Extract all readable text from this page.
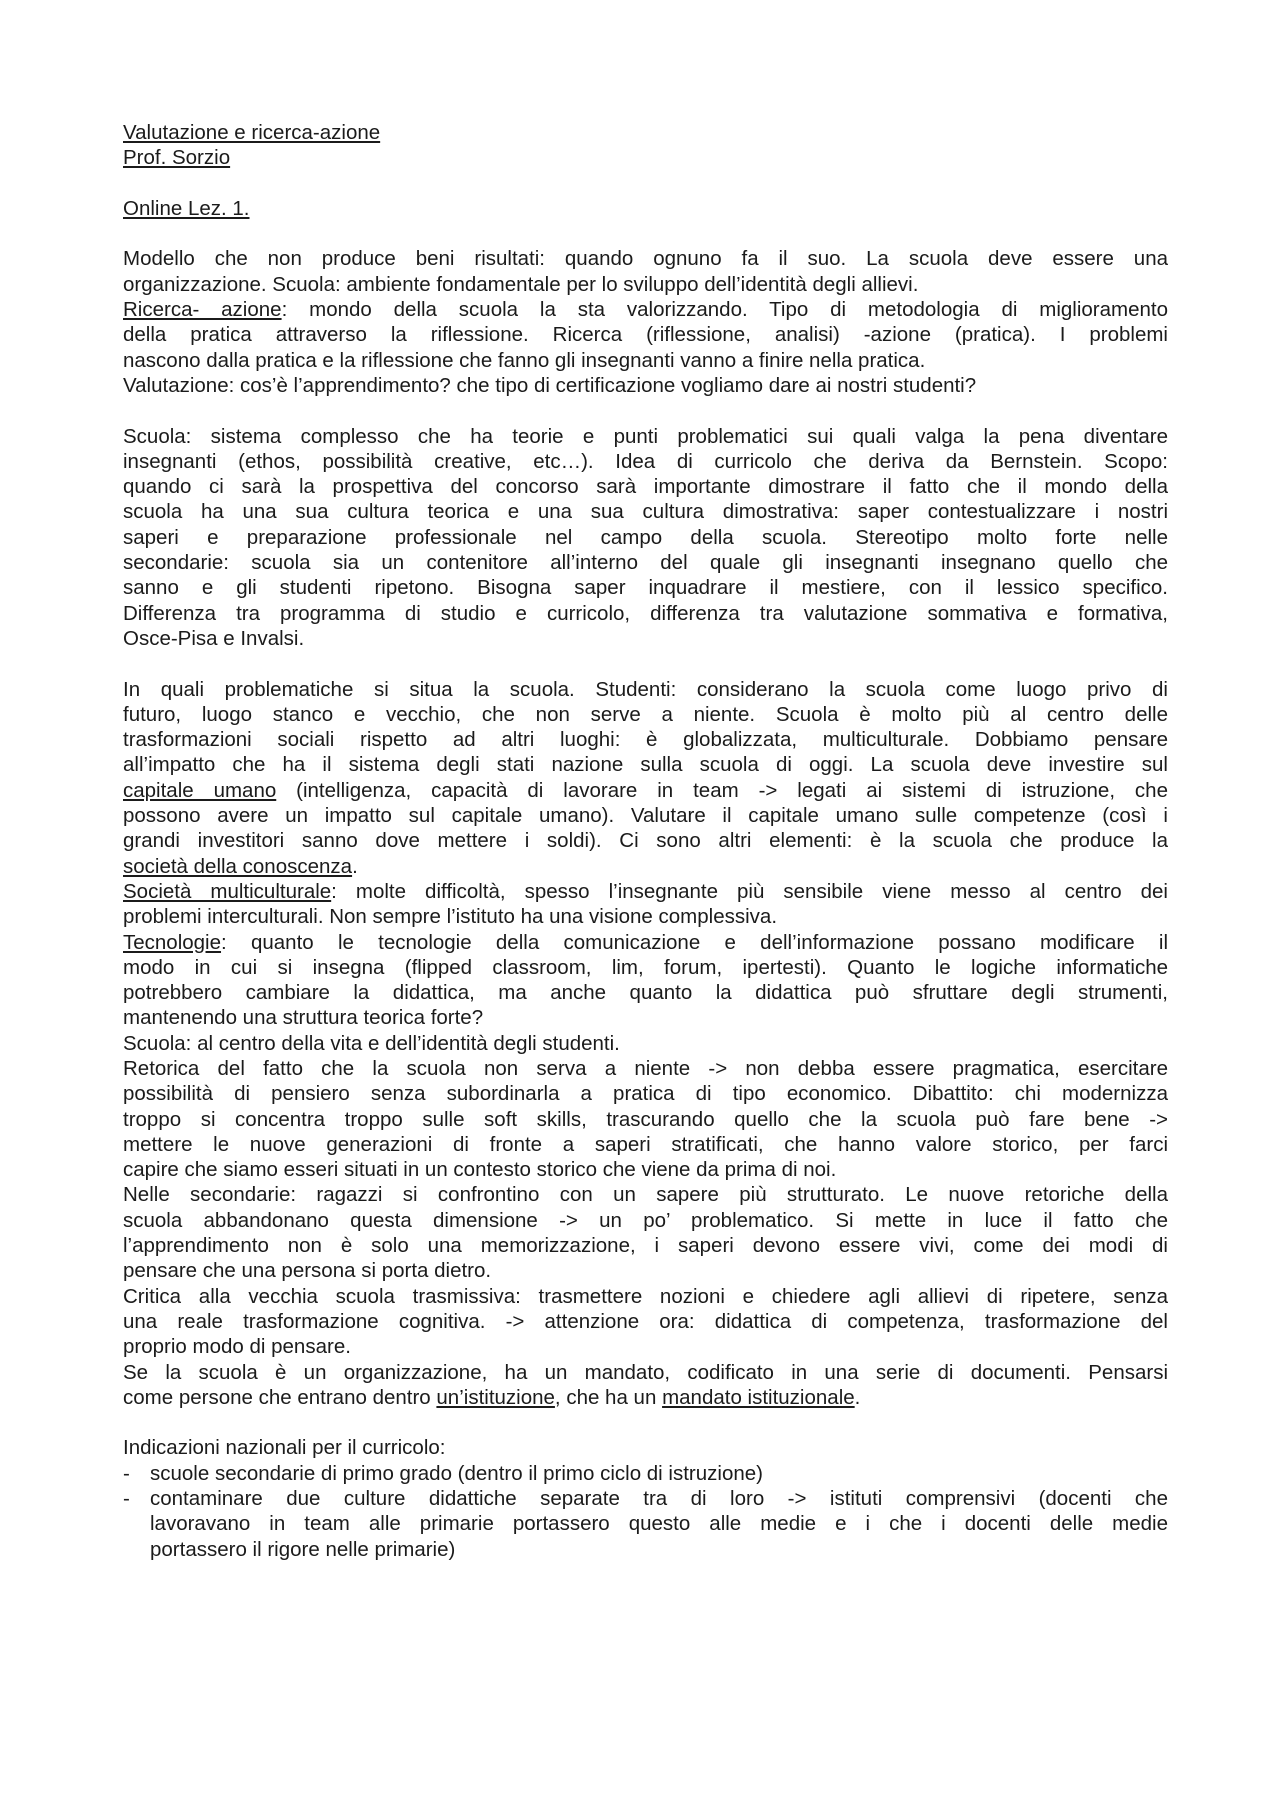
Valutazione e ricerca-azione
Prof. Sorzio
Online Lez. 1.
Modello che non produce beni risultati: quando ognuno fa il suo. La scuola deve essere una
organizzazione. Scuola: ambiente fondamentale per lo sviluppo dell’identità degli allievi.
Ricerca- azione: mondo della scuola la sta valorizzando. Tipo di metodologia di miglioramento
della pratica attraverso la riflessione. Ricerca (riflessione, analisi) -azione (pratica). I problemi
nascono dalla pratica e la riflessione che fanno gli insegnanti vanno a finire nella pratica.
Valutazione: cos’è l’apprendimento? che tipo di certificazione vogliamo dare ai nostri studenti?
Scuola: sistema complesso che ha teorie e punti problematici sui quali valga la pena diventare
insegnanti (ethos, possibilità creative, etc…). Idea di curricolo che deriva da Bernstein. Scopo:
quando ci sarà la prospettiva del concorso sarà importante dimostrare il fatto che il mondo della
scuola ha una sua cultura teorica e una sua cultura dimostrativa: saper contestualizzare i nostri
saperi e preparazione professionale nel campo della scuola. Stereotipo molto forte nelle
secondarie: scuola sia un contenitore all’interno del quale gli insegnanti insegnano quello che
sanno e gli studenti ripetono. Bisogna saper inquadrare il mestiere, con il lessico specifico.
Differenza tra programma di studio e curricolo, differenza tra valutazione sommativa e formativa,
Osce-Pisa e Invalsi.
In quali problematiche si situa la scuola. Studenti: considerano la scuola come luogo privo di
futuro, luogo stanco e vecchio, che non serve a niente. Scuola è molto più al centro delle
trasformazioni sociali rispetto ad altri luoghi: è globalizzata, multiculturale. Dobbiamo pensare
all’impatto che ha il sistema degli stati nazione sulla scuola di oggi. La scuola deve investire sul
capitale umano (intelligenza, capacità di lavorare in team -> legati ai sistemi di istruzione, che
possono avere un impatto sul capitale umano). Valutare il capitale umano sulle competenze (così i
grandi investitori sanno dove mettere i soldi). Ci sono altri elementi: è la scuola che produce la
società della conoscenza.
Società multiculturale: molte difficoltà, spesso l’insegnante più sensibile viene messo al centro dei
problemi interculturali. Non sempre l’istituto ha una visione complessiva.
Tecnologie: quanto le tecnologie della comunicazione e dell’informazione possano modificare il
modo in cui si insegna (flipped classroom, lim, forum, ipertesti). Quanto le logiche informatiche
potrebbero cambiare la didattica, ma anche quanto la didattica può sfruttare degli strumenti,
mantenendo una struttura teorica forte?
Scuola: al centro della vita e dell’identità degli studenti.
Retorica del fatto che la scuola non serva a niente -> non debba essere pragmatica, esercitare
possibilità di pensiero senza subordinarla a pratica di tipo economico. Dibattito: chi modernizza
troppo si concentra troppo sulle soft skills, trascurando quello che la scuola può fare bene ->
mettere le nuove generazioni di fronte a saperi stratificati, che hanno valore storico, per farci
capire che siamo esseri situati in un contesto storico che viene da prima di noi.
Nelle secondarie: ragazzi si confrontino con un sapere più strutturato. Le nuove retoriche della
scuola abbandonano questa dimensione -> un po’ problematico. Si mette in luce il fatto che
l’apprendimento non è solo una memorizzazione, i saperi devono essere vivi, come dei modi di
pensare che una persona si porta dietro.
Critica alla vecchia scuola trasmissiva: trasmettere nozioni e chiedere agli allievi di ripetere, senza
una reale trasformazione cognitiva. -> attenzione ora: didattica di competenza, trasformazione del
proprio modo di pensare.
Se la scuola è un organizzazione, ha un mandato, codificato in una serie di documenti. Pensarsi
come persone che entrano dentro un’istituzione, che ha un mandato istituzionale.
Indicazioni nazionali per il curricolo:
- scuole secondarie di primo grado (dentro il primo ciclo di istruzione)
- contaminare due culture didattiche separate tra di loro -> istituti comprensivi (docenti che
lavoravano in team alle primarie portassero questo alle medie e i che i docenti delle medie
portassero il rigore nelle primarie)
